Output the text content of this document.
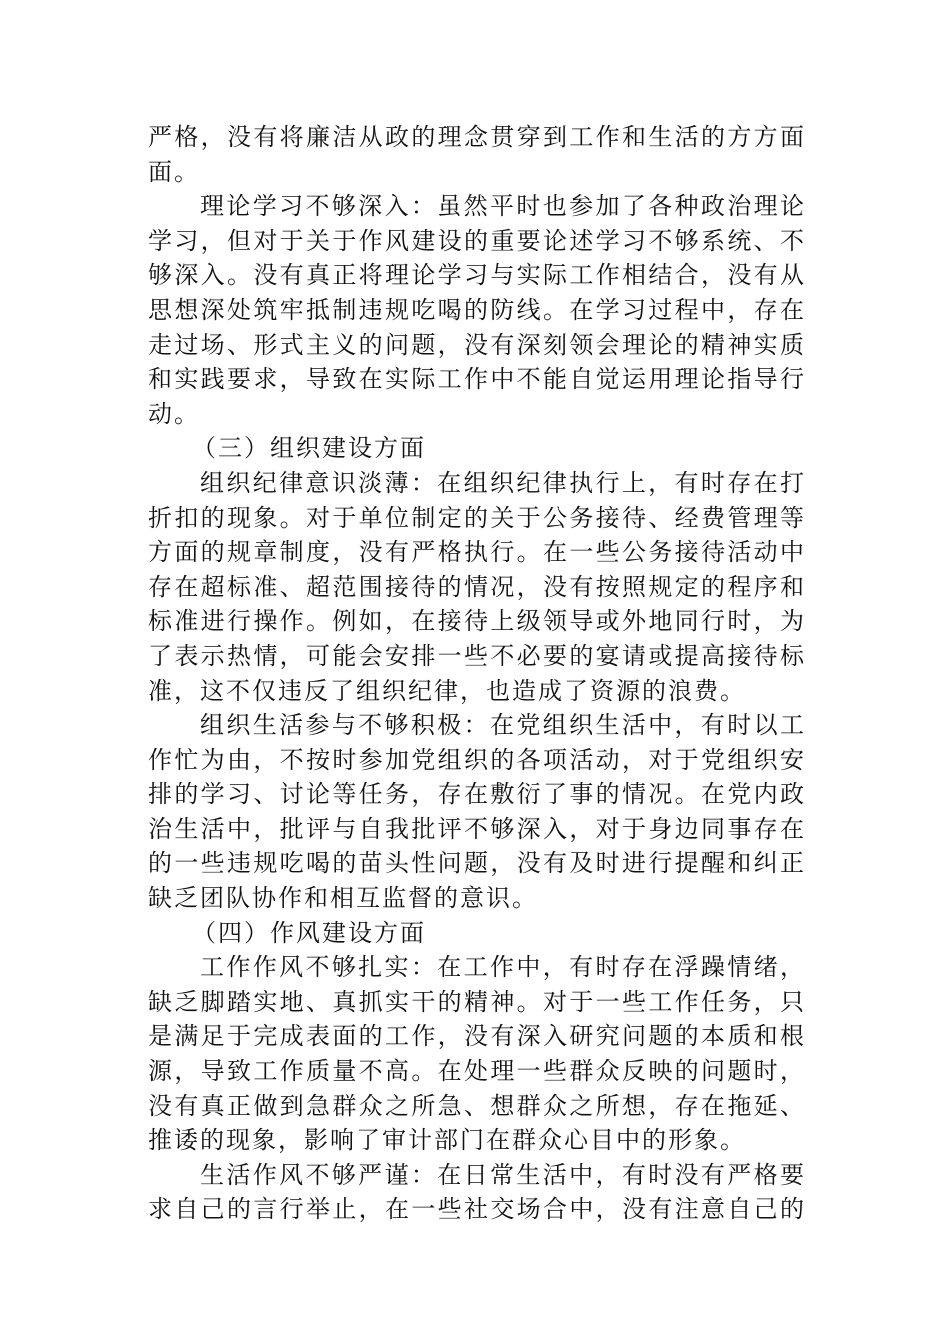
严格，没有将廉洁从政的理念贯穿到工作和生活的方方面
面。
理论学习不够深入：虽然平时也参加了各种政治理论
学习，但对于关于作风建设的重要论述学习不够系统、不
够深入。没有真正将理论学习与实际工作相结合，没有从
思想深处筑牢抵制违规吃喝的防线。在学习过程中，存在
走过场、形式主义的问题，没有深刻领会理论的精神实质
和实践要求，导致在实际工作中不能自觉运用理论指导行
动。
（三）组织建设方面
组织纪律意识淡薄：在组织纪律执行上，有时存在打
折扣的现象。对于单位制定的关于公务接待、经费管理等
方面的规章制度，没有严格执行。在一些公务接待活动中
存在超标准、超范围接待的情况，没有按照规定的程序和
标准进行操作。例如，在接待上级领导或外地同行时，为
了表示热情，可能会安排一些不必要的宴请或提高接待标
准，这不仅违反了组织纪律，也造成了资源的浪费。
组织生活参与不够积极：在党组织生活中，有时以工
作忙为由，不按时参加党组织的各项活动，对于党组织安
排的学习、讨论等任务，存在敷衍了事的情况。在党内政
治生活中，批评与自我批评不够深入，对于身边同事存在
的一些违规吃喝的苗头性问题，没有及时进行提醒和纠正
缺乏团队协作和相互监督的意识。
（四）作风建设方面
工作作风不够扎实：在工作中，有时存在浮躁情绪，
缺乏脚踏实地、真抓实干的精神。对于一些工作任务，只
是满足于完成表面的工作，没有深入研究问题的本质和根
源，导致工作质量不高。在处理一些群众反映的问题时，
没有真正做到急群众之所急、想群众之所想，存在拖延、
推诿的现象，影响了审计部门在群众心目中的形象。
生活作风不够严谨：在日常生活中，有时没有严格要
求自己的言行举止，在一些社交场合中，没有注意自己的
